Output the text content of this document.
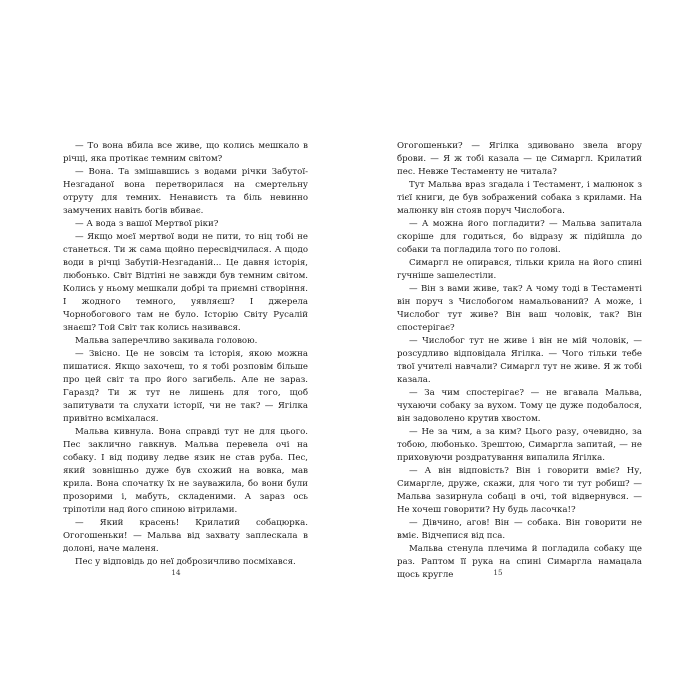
— То вона вбила все живе, що колись мешкало в річці, яка протікає темним світом?

— Вона. Та змішавшись з водами річки Забутої-Незгаданої вона перетворилася на смертельну отруту для темних. Ненависть та біль невинно замучених навіть богів вбиває.

— А вода з вашої Мертвої ріки?

— Якщо моєї мертвої води не пити, то ніц тобі не станеться. Ти ж сама щойно пересвідчилася. А щодо води в річці Забутій-Незгаданій... Це давня історія, любонько. Світ Відтіні не завжди був темним світом. Колись у ньому мешкали добрі та приємні створіння. І жодного темного, уявляєш? І джерела Чорнобогового там не було. Історію Світу Русалій знаєш? Той Світ так колись називався.

Мальва заперечливо закивала головою.

— Звісно. Це не зовсім та історія, якою можна пишатися. Якщо захочеш, то я тобі розповім більше про цей світ та про його загибель. Але не зараз. Гаразд? Ти ж тут не лишень для того, щоб запитувати та слухати історії, чи не так? — Ягілка привітно всміхалася.

Мальва кивнула. Вона справді тут не для цього. Пес заклично гавкнув. Мальва перевела очі на собаку. І від подиву ледве язик не став руба. Пес, який зовнішньо дуже був схожий на вовка, мав крила. Вона спочатку їх не зауважила, бо вони були прозорими і, мабуть, складеними. А зараз ось тріпотіли над його спиною вітрилами.

— Який красень! Крилатий собацюрка. Огогошеньки! — Мальва від захвату заплескала в долоні, наче маленя.

Пес у відповідь до неї доброзичливо посміхався.

14

Огогошеньки? — Ягілка здивовано звела вгору брови. — Я ж тобі казала — це Симаргл. Крилатий пес. Невже Тестаменту не читала?

Тут Мальва враз згадала і Тестамент, і малюнок з тієї книги, де був зображений собака з крилами. На малюнку він стояв поруч Числобога.

— А можна його погладити? — Мальва запитала скоріше для годиться, бо відразу ж підійшла до собаки та погладила того по голові.

Симаргл не опирався, тільки крила на його спині гучніше зашелестіли.

— Він з вами живе, так? А чому тоді в Тестаменті він поруч з Числобогом намальований? А може, і Числобог тут живе? Він ваш чоловік, так? Він спостерігає?

— Числобог тут не живе і він не мій чоловік, — розсудливо відповідала Ягілка. — Чого тільки тебе твої учителі навчали? Симаргл тут не живе. Я ж тобі казала.

— За чим спостерігає? — не вгавала Мальва, чухаючи собаку за вухом. Тому це дуже подобалося, він задоволено крутив хвостом.

— Не за чим, а за ким? Цього разу, очевидно, за тобою, любонько. Зрештою, Симаргла запитай, — не приховуючи роздратування випалила Ягілка.

— А він відповість? Він і говорити вміє? Ну, Симаргле, друже, скажи, для чого ти тут робиш? — Мальва зазирнула собаці в очі, той відвернувся. — Не хочеш говорити? Ну будь ласочка!?

— Дівчино, агов! Він — собака. Він говорити не вміє. Відчепися від пса.

Мальва стенула плечима й погладила собаку ще раз. Раптом її рука на спині Симаргла намацала щось кругле	15
